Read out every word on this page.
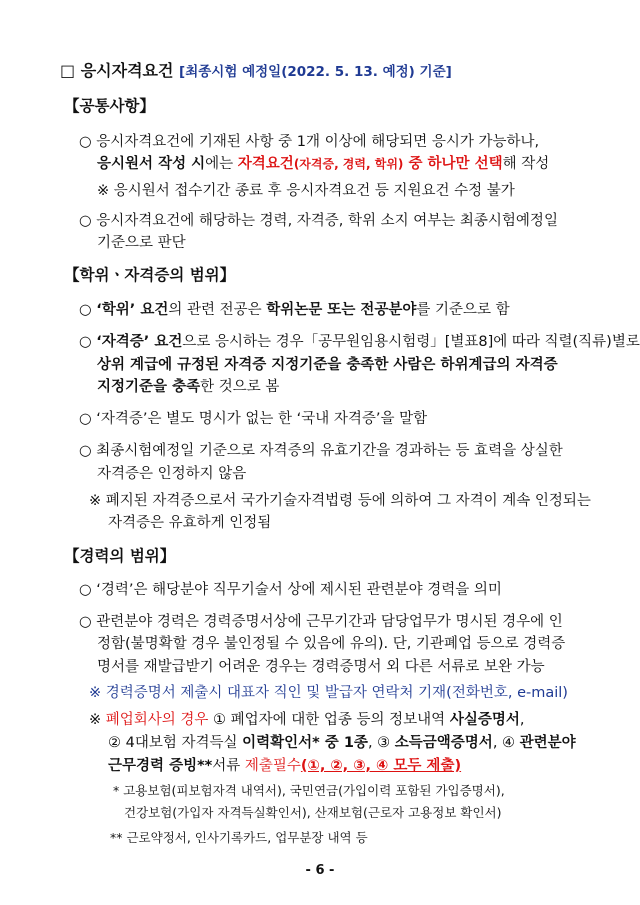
□ 응시자격요건 [최종시험 예정일(2022. 5. 13. 예정) 기준]
【공통사항】
○ 응시자격요건에 기재된 사항 중 1개 이상에 해당되면 응시가 가능하나,
응시원서 작성 시에는 자격요건(자격증, 경력, 학위) 중 하나만 선택해 작성
※ 응시원서 접수기간 종료 후 응시자격요건 등 지원요건 수정 불가
○ 응시자격요건에 해당하는 경력, 자격증, 학위 소지 여부는 최종시험예정일
기준으로 판단
【학위ㆍ자격증의 범위】
○ ‘학위’ 요건의 관련 전공은 학위논문 또는 전공분야를 기준으로 함
○ ‘자격증’ 요건으로 응시하는 경우「공무원임용시험령」[별표8]에 따라 직렬(직류)별로
상위 계급에 규정된 자격증 지정기준을 충족한 사람은 하위계급의 자격증
지정기준을 충족한 것으로 봄
○ ‘자격증’은 별도 명시가 없는 한 ‘국내 자격증’을 말함
○ 최종시험예정일 기준으로 자격증의 유효기간을 경과하는 등 효력을 상실한
자격증은 인정하지 않음
※ 폐지된 자격증으로서 국가기술자격법령 등에 의하여 그 자격이 계속 인정되는
자격증은 유효하게 인정됨
【경력의 범위】
○ ‘경력’은 해당분야 직무기술서 상에 제시된 관련분야 경력을 의미
○ 관련분야 경력은 경력증명서상에 근무기간과 담당업무가 명시된 경우에 인
정함(불명확할 경우 불인정될 수 있음에 유의). 단, 기관폐업 등으로 경력증
명서를 재발급받기 어려운 경우는 경력증명서 외 다른 서류로 보완 가능
※ 경력증명서 제출시 대표자 직인 및 발급자 연락처 기재(전화번호, e-mail)
※ 폐업회사의 경우 ① 폐업자에 대한 업종 등의 정보내역 사실증명서,
② 4대보험 자격득실 이력확인서* 중 1종, ③ 소득금액증명서, ④ 관련분야
근무경력 증빙**서류 제출필수(①, ②, ③, ④ 모두 제출)
* 고용보험(피보험자격 내역서), 국민연금(가입이력 포함된 가입증명서),
건강보험(가입자 자격득실확인서), 산재보험(근로자 고용정보 확인서)
** 근로약정서, 인사기록카드, 업무분장 내역 등
- 6 -
